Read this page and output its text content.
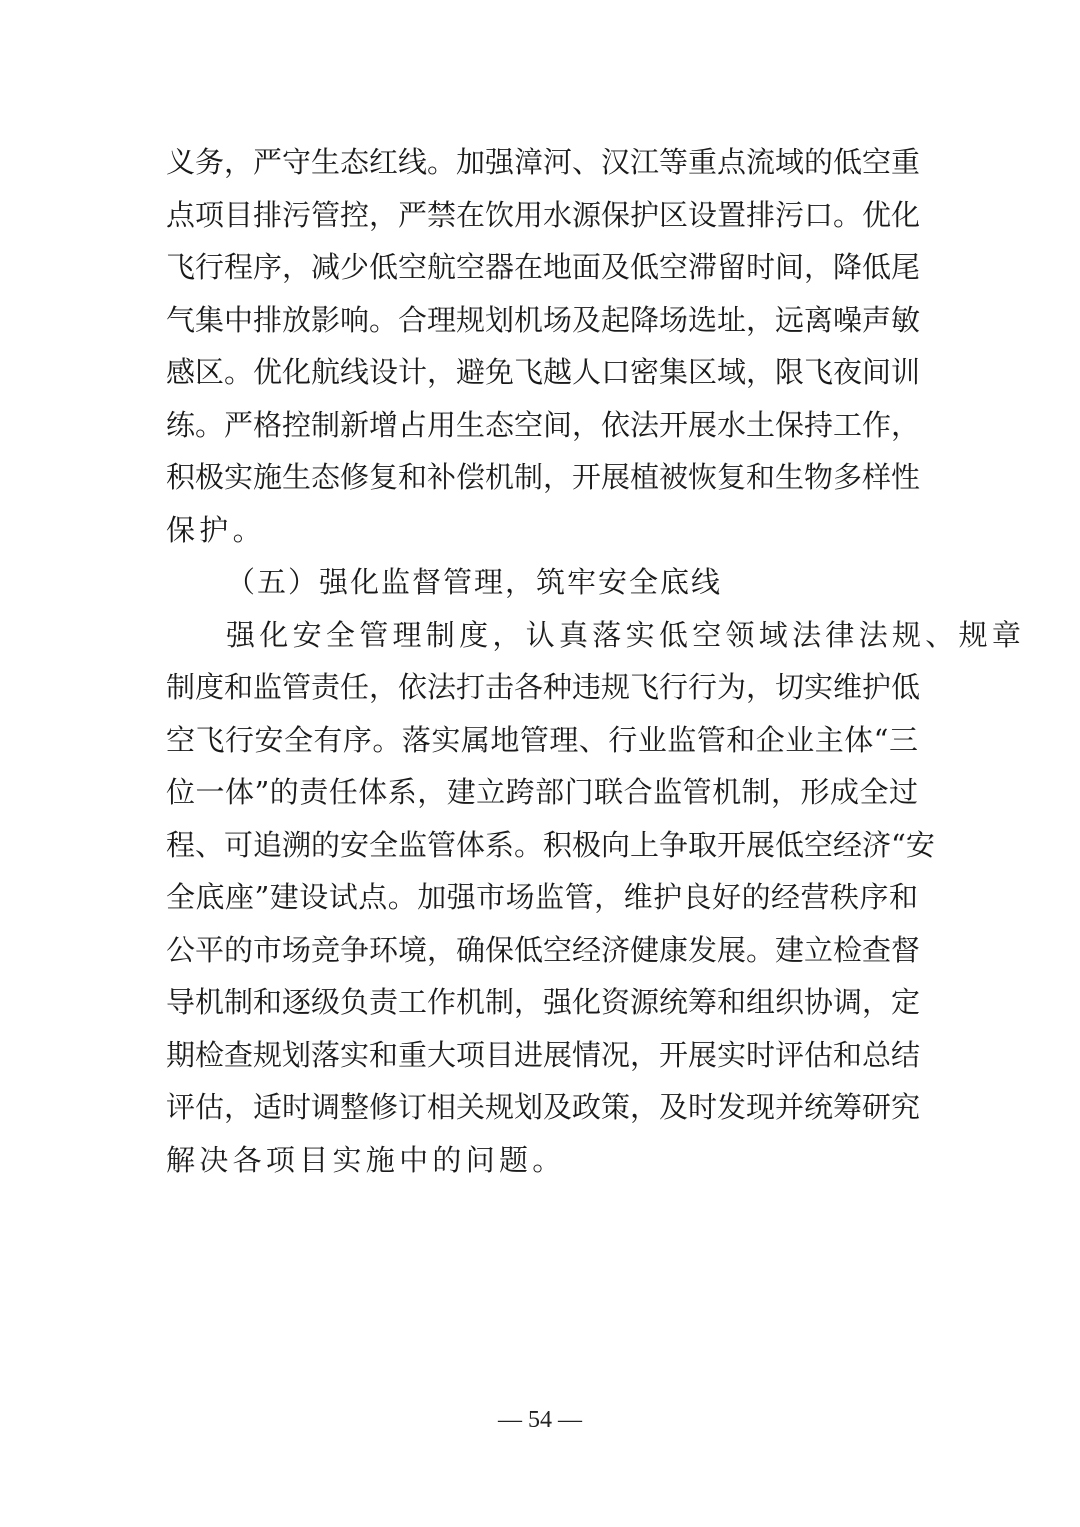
义务，严守生态红线。加强漳河、汉江等重点流域的低空重
点项目排污管控，严禁在饮用水源保护区设置排污口。优化
飞行程序，减少低空航空器在地面及低空滞留时间，降低尾
气集中排放影响。合理规划机场及起降场选址，远离噪声敏
感区。优化航线设计，避免飞越人口密集区域，限飞夜间训
练。严格控制新增占用生态空间，依法开展水土保持工作，
积极实施生态修复和补偿机制，开展植被恢复和生物多样性
保护。
（五）强化监督管理，筑牢安全底线
强化安全管理制度，认真落实低空领域法律法规、规章
制度和监管责任，依法打击各种违规飞行行为，切实维护低
空飞行安全有序。落实属地管理、行业监管和企业主体“三
位一体”的责任体系，建立跨部门联合监管机制，形成全过
程、可追溯的安全监管体系。积极向上争取开展低空经济“安
全底座”建设试点。加强市场监管，维护良好的经营秩序和
公平的市场竞争环境，确保低空经济健康发展。建立检查督
导机制和逐级负责工作机制，强化资源统筹和组织协调，定
期检查规划落实和重大项目进展情况，开展实时评估和总结
评估，适时调整修订相关规划及政策，及时发现并统筹研究
解决各项目实施中的问题。
— 54 —
